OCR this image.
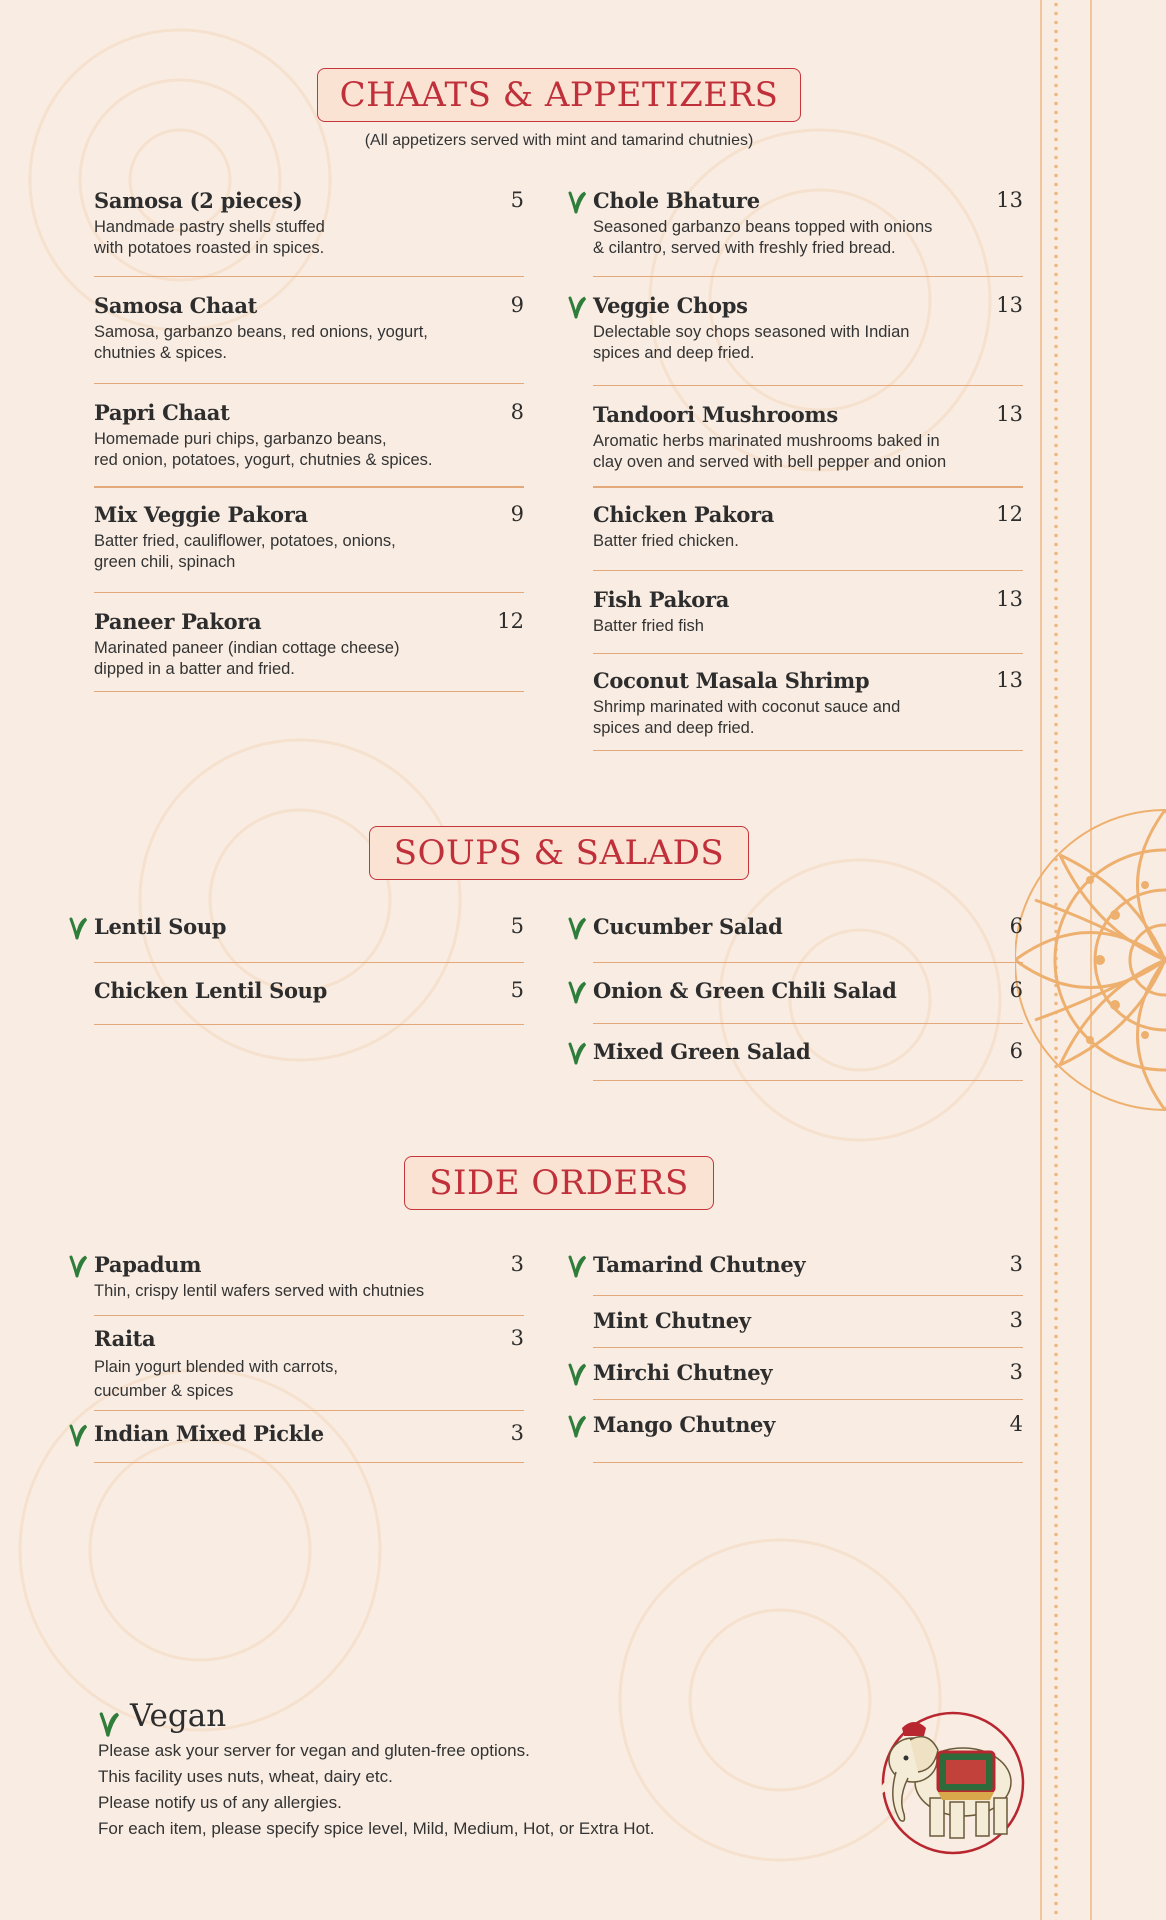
CHAATS & APPETIZERS
(All appetizers served with mint and tamarind chutnies)
Samosa (2 pieces)	5
Handmade pastry shells stuffed
with potatoes roasted in spices.
Samosa Chaat	9
Samosa, garbanzo beans, red onions, yogurt,
chutnies & spices.
Papri Chaat	8
Homemade puri chips, garbanzo beans,
red onion, potatoes, yogurt, chutnies & spices.
Mix Veggie Pakora	9
Batter fried, cauliflower, potatoes, onions,
green chili, spinach
Paneer Pakora	12
Marinated paneer (indian cottage cheese)
dipped in a batter and fried.
Chole Bhature	13
Seasoned garbanzo beans topped with onions
& cilantro, served with freshly fried bread.
Veggie Chops	13
Delectable soy chops seasoned with Indian
spices and deep fried.
Tandoori Mushrooms	13
Aromatic herbs marinated mushrooms baked in
clay oven and served with bell pepper and onion
Chicken Pakora	12
Batter fried chicken.
Fish Pakora	13
Batter fried fish
Coconut Masala Shrimp	13
Shrimp marinated with coconut sauce and
spices and deep fried.
SOUPS & SALADS
Lentil Soup	5
Chicken Lentil Soup	5
Cucumber Salad	6
Onion & Green Chili Salad	6
Mixed Green Salad	6
SIDE ORDERS
Papadum	3
Thin, crispy lentil wafers served with chutnies
Raita	3
Plain yogurt blended with carrots,
cucumber & spices
Indian Mixed Pickle	3
Tamarind Chutney	3
Mint Chutney	3
Mirchi Chutney	3
Mango Chutney	4
Vegan
Please ask your server for vegan and gluten-free options.
This facility uses nuts, wheat, dairy etc.
Please notify us of any allergies.
For each item, please specify spice level, Mild, Medium, Hot, or Extra Hot.
